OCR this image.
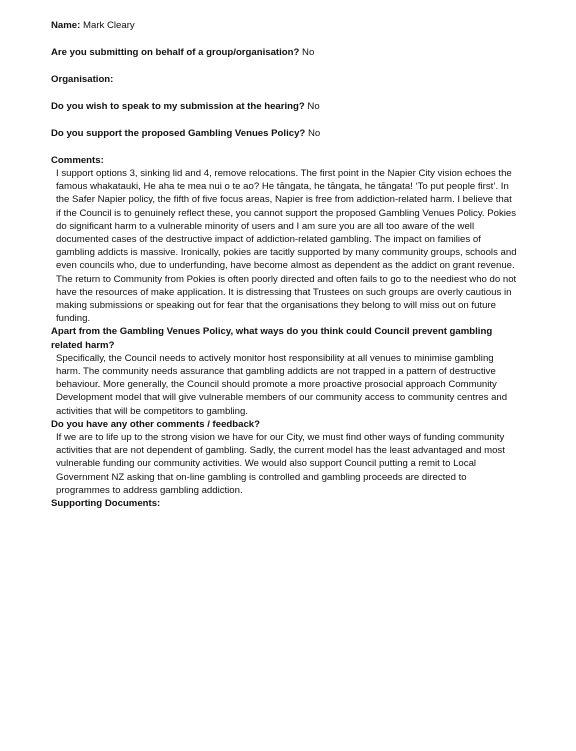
Name: Mark Cleary

Are you submitting on behalf of a group/organisation? No

Organisation:

Do you wish to speak to my submission at the hearing? No

Do you support the proposed Gambling Venues Policy? No

Comments:

I support options 3, sinking lid and 4, remove relocations. The first point in the Napier City vision echoes the famous whakatauki, He aha te mea nui o te ao? He tāngata, he tāngata, he tāngata! ‘To put people first’. In the Safer Napier policy, the fifth of five focus areas, Napier is free from addiction-related harm. I believe that if the Council is to genuinely reflect these, you cannot support the proposed Gambling Venues Policy. Pokies do significant harm to a vulnerable minority of users and I am sure you are all too aware of the well documented cases of the destructive impact of addiction-related gambling. The impact on families of gambling addicts is massive. Ironically, pokies are tacitly supported by many community groups, schools and even councils who, due to underfunding, have become almost as dependent as the addict on grant revenue. The return to Community from Pokies is often poorly directed and often fails to go to the neediest who do not have the resources of make application. It is distressing that Trustees on such groups are overly cautious in making submissions or speaking out for fear that the organisations they belong to will miss out on future funding.

Apart from the Gambling Venues Policy, what ways do you think could Council prevent gambling related harm?

Specifically, the Council needs to actively monitor host responsibility at all venues to minimise gambling harm. The community needs assurance that gambling addicts are not trapped in a pattern of destructive behaviour. More generally, the Council should promote a more proactive prosocial approach Community Development model that will give vulnerable members of our community access to community centres and activities that will be competitors to gambling.

Do you have any other comments / feedback?

If we are to life up to the strong vision we have for our City, we must find other ways of funding community activities that are not dependent of gambling. Sadly, the current model has the least advantaged and most vulnerable funding our community activities. We would also support Council putting a remit to Local Government NZ asking that on-line gambling is controlled and gambling proceeds are directed to programmes to address gambling addiction.

Supporting Documents:
